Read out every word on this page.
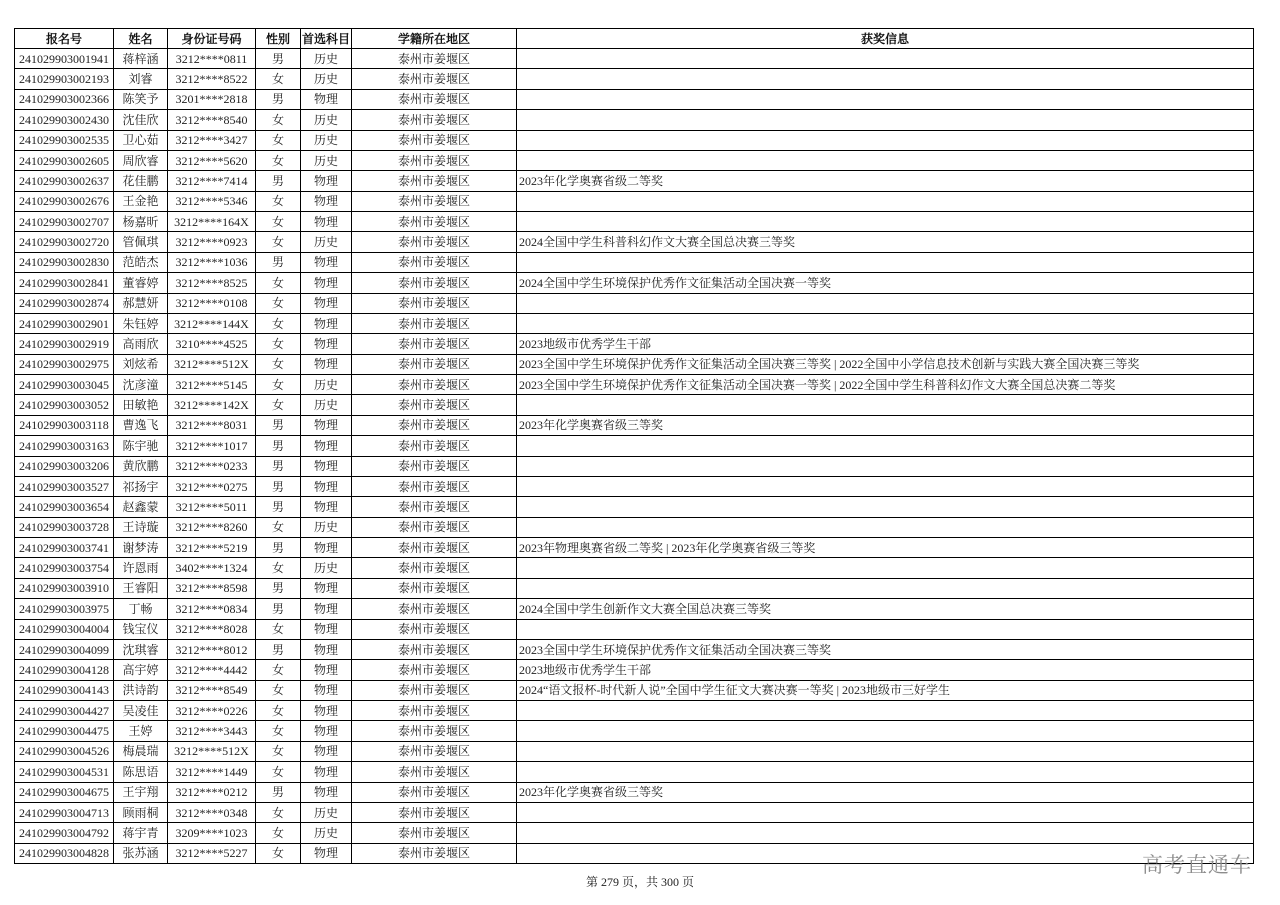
报名号	姓名	身份证号码	性别	首选科目	学籍所在地区	获奖信息
241029903001941	蒋梓涵	3212****0811	男	历史	泰州市姜堰区	
241029903002193	刘睿	3212****8522	女	历史	泰州市姜堰区	
241029903002366	陈笑予	3201****2818	男	物理	泰州市姜堰区	
241029903002430	沈佳欣	3212****8540	女	历史	泰州市姜堰区	
241029903002535	卫心茹	3212****3427	女	历史	泰州市姜堰区	
241029903002605	周欣睿	3212****5620	女	历史	泰州市姜堰区	
241029903002637	花佳鹏	3212****7414	男	物理	泰州市姜堰区	2023年化学奥赛省级二等奖
241029903002676	王金艳	3212****5346	女	物理	泰州市姜堰区	
241029903002707	杨嘉昕	3212****164X	女	物理	泰州市姜堰区	
241029903002720	管佩琪	3212****0923	女	历史	泰州市姜堰区	2024全国中学生科普科幻作文大赛全国总决赛三等奖
241029903002830	范皓杰	3212****1036	男	物理	泰州市姜堰区	
241029903002841	董睿婷	3212****8525	女	物理	泰州市姜堰区	2024全国中学生环境保护优秀作文征集活动全国决赛一等奖
241029903002874	郝慧妍	3212****0108	女	物理	泰州市姜堰区	
241029903002901	朱钰婷	3212****144X	女	物理	泰州市姜堰区	
241029903002919	高雨欣	3210****4525	女	物理	泰州市姜堰区	2023地级市优秀学生干部
241029903002975	刘炫希	3212****512X	女	物理	泰州市姜堰区	2023全国中学生环境保护优秀作文征集活动全国决赛三等奖 | 2022全国中小学信息技术创新与实践大赛全国决赛三等奖
241029903003045	沈彦潼	3212****5145	女	历史	泰州市姜堰区	2023全国中学生环境保护优秀作文征集活动全国决赛一等奖 | 2022全国中学生科普科幻作文大赛全国总决赛二等奖
241029903003052	田敏艳	3212****142X	女	历史	泰州市姜堰区	
241029903003118	曹逸飞	3212****8031	男	物理	泰州市姜堰区	2023年化学奥赛省级三等奖
241029903003163	陈宇驰	3212****1017	男	物理	泰州市姜堰区	
241029903003206	黄欣鹏	3212****0233	男	物理	泰州市姜堰区	
241029903003527	祁扬宇	3212****0275	男	物理	泰州市姜堰区	
241029903003654	赵鑫蒙	3212****5011	男	物理	泰州市姜堰区	
241029903003728	王诗璇	3212****8260	女	历史	泰州市姜堰区	
241029903003741	谢梦涛	3212****5219	男	物理	泰州市姜堰区	2023年物理奥赛省级二等奖 | 2023年化学奥赛省级三等奖
241029903003754	许恩雨	3402****1324	女	历史	泰州市姜堰区	
241029903003910	王睿阳	3212****8598	男	物理	泰州市姜堰区	
241029903003975	丁畅	3212****0834	男	物理	泰州市姜堰区	2024全国中学生创新作文大赛全国总决赛三等奖
241029903004004	钱宝仪	3212****8028	女	物理	泰州市姜堰区	
241029903004099	沈琪睿	3212****8012	男	物理	泰州市姜堰区	2023全国中学生环境保护优秀作文征集活动全国决赛三等奖
241029903004128	高宇婷	3212****4442	女	物理	泰州市姜堰区	2023地级市优秀学生干部
241029903004143	洪诗韵	3212****8549	女	物理	泰州市姜堰区	2024“语文报杯-时代新人说”全国中学生征文大赛决赛一等奖 | 2023地级市三好学生
241029903004427	吴凌佳	3212****0226	女	物理	泰州市姜堰区	
241029903004475	王婷	3212****3443	女	物理	泰州市姜堰区	
241029903004526	梅晨瑞	3212****512X	女	物理	泰州市姜堰区	
241029903004531	陈思语	3212****1449	女	物理	泰州市姜堰区	
241029903004675	王宇翔	3212****0212	男	物理	泰州市姜堰区	2023年化学奥赛省级三等奖
241029903004713	顾雨桐	3212****0348	女	历史	泰州市姜堰区	
241029903004792	蒋宇青	3209****1023	女	历史	泰州市姜堰区	
241029903004828	张苏涵	3212****5227	女	物理	泰州市姜堰区	
第 279 页，共 300 页
高考直通车
